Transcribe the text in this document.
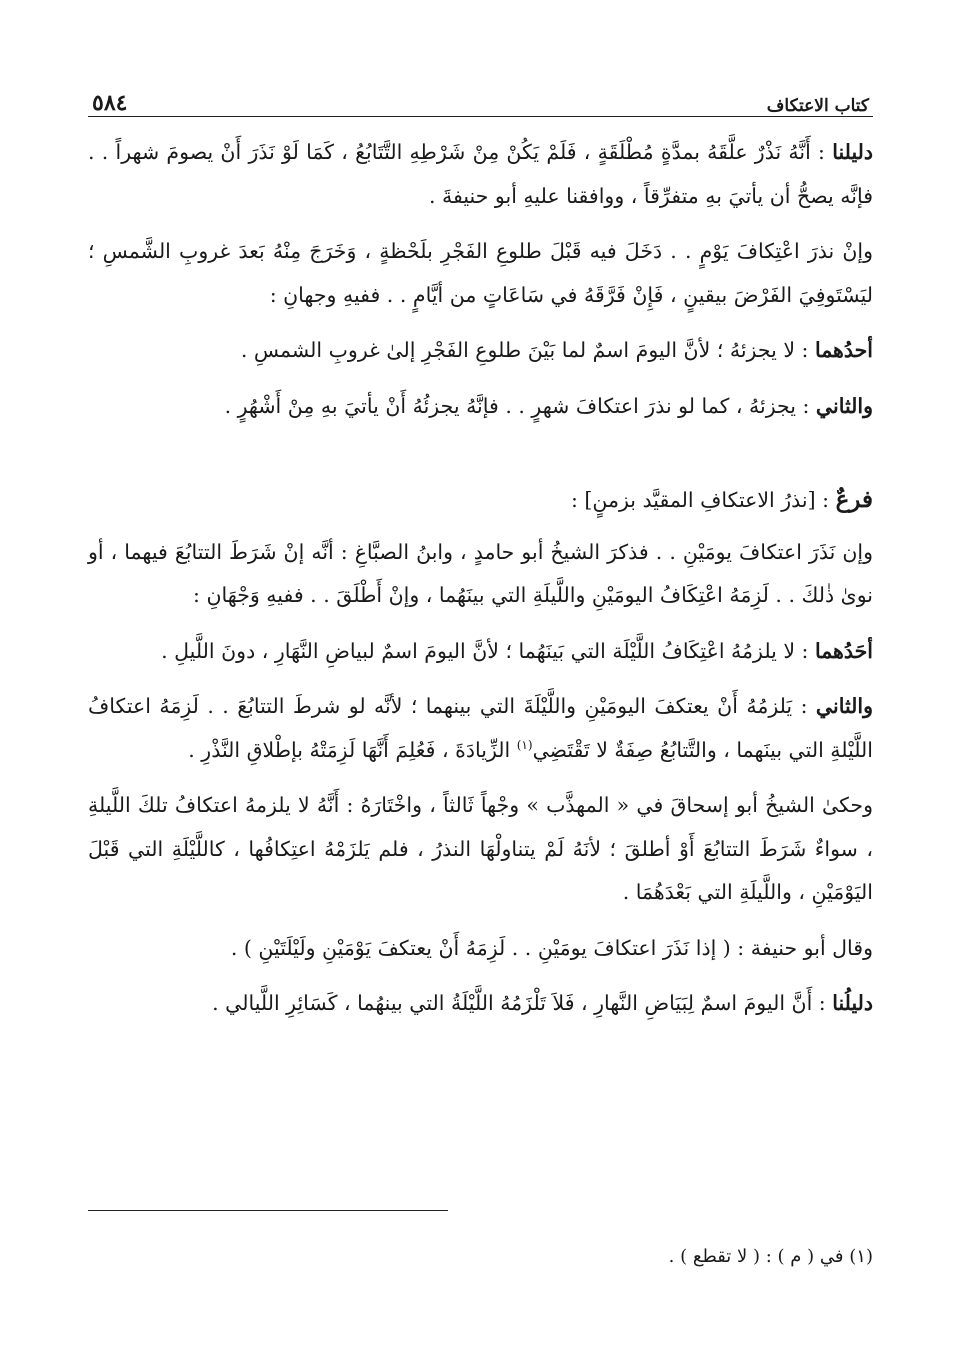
كتاب الاعتكاف
٥٨٤

دليلنا : أَنَّهُ نَذْرٌ علَّقَهُ بمدَّةٍ مُطْلَقَةٍ ، فَلَمْ يَكُنْ مِنْ شَرْطِهِ التَّتَابُعُ ، كَمَا لَوْ نَذَرَ أَنْ يصومَ شهراً . . فإنَّه يصحُّ أن يأتيَ بهِ متفرِّقاً ، ووافقنا عليهِ أبو حنيفةَ .

وإنْ نذرَ اعْتِكافَ يَوْمٍ . . دَخَلَ فيه قَبْلَ طلوعِ الفَجْرِ بلَحْظةٍ ، وَخَرَجَ مِنْهُ بَعدَ غروبِ الشَّمسِ ؛ ليَسْتَوفِيَ الفَرْضَ بيقينٍ ، فَإِنْ فَرَّقَهُ في سَاعَاتٍ من أيَّامٍ . . ففيهِ وجهانِ :

أحدُهما : لا يجزئهُ ؛ لأنَّ اليومَ اسمٌ لما بَيْنَ طلوعِ الفَجْرِ إلىٰ غروبِ الشمسِ .

والثاني : يجزئهُ ، كما لو نذرَ اعتكافَ شهرٍ . . فإنَّهُ يجزئُهُ أَنْ يأتيَ بهِ مِنْ أَشْهُرٍ .

فرعٌ : [نذرُ الاعتكافِ المقيَّد بزمنٍ] :

وإن نَذَرَ اعتكافَ يومَيْنِ . . فذكرَ الشيخُ أبو حامدٍ ، وابنُ الصبَّاغِ : أنَّه إنْ شَرَطَ التتابُعَ فيهما ، أو نوىٰ ذٰلكَ . . لَزِمَهُ اعْتِكَافُ اليومَيْنِ واللَّيلَةِ التي بينَهُما ، وإنْ أَطْلَقَ . . ففيهِ وَجْهَانِ :

أحَدُهما : لا يلزمُهُ اعْتِكَافُ اللَّيْلَة التي بَينَهُما ؛ لأنَّ اليومَ اسمٌ لبياضِ النَّهَارِ ، دونَ اللَّيلِ .

والثاني : يَلزمُهُ أَنْ يعتكفَ اليومَيْنِ واللَّيْلَةَ التي بينهما ؛ لأنَّه لو شرطَ التتابُعَ . . لَزِمَهُ اعتكافُ اللَّيْلةِ التي بينَهما ، والتَّتابُعُ صِفَةٌ لا تَقْتَضِي$^{(١)}$ الزِّيادَةَ ، فَعُلِمَ أَنَّهَا لَزِمَتْهُ بإطْلاقِ النَّذْرِ .

وحكىٰ الشيخُ أبو إسحاقَ في « المهذَّب » وجْهاً ثَالثاً ، واخْتَارَهُ : أَنَّهُ لا يلزمهُ اعتكافُ تلكَ اللَّيلةِ ، سواءٌ شَرَطَ التتابُعَ أَوْ أطلقَ ؛ لأنَهُ لَمْ يتناولْهَا النذرُ ، فلم يَلزَمْهُ اعتِكافُها ، كاللَّيْلَةِ التي قَبْلَ اليَوْمَيْنِ ، واللَّيلَةِ التي بَعْدَهُمَا .

وقال أبو حنيفة : ( إذا نَذَرَ اعتكافَ يومَيْنِ . . لَزِمَهُ أَنْ يعتكفَ يَوْمَيْنِ ولَيْلَتَيْنِ ) .

دليلُنا : أَنَّ اليومَ اسمٌ لِبَيَاضِ النَّهارِ ، فَلاَ تَلْزَمُهُ اللَّيْلَةُ التي بينهُما ، كَسَائِرِ اللَّيالي .

(١) في ( م ) : ( لا تقطع ) .
